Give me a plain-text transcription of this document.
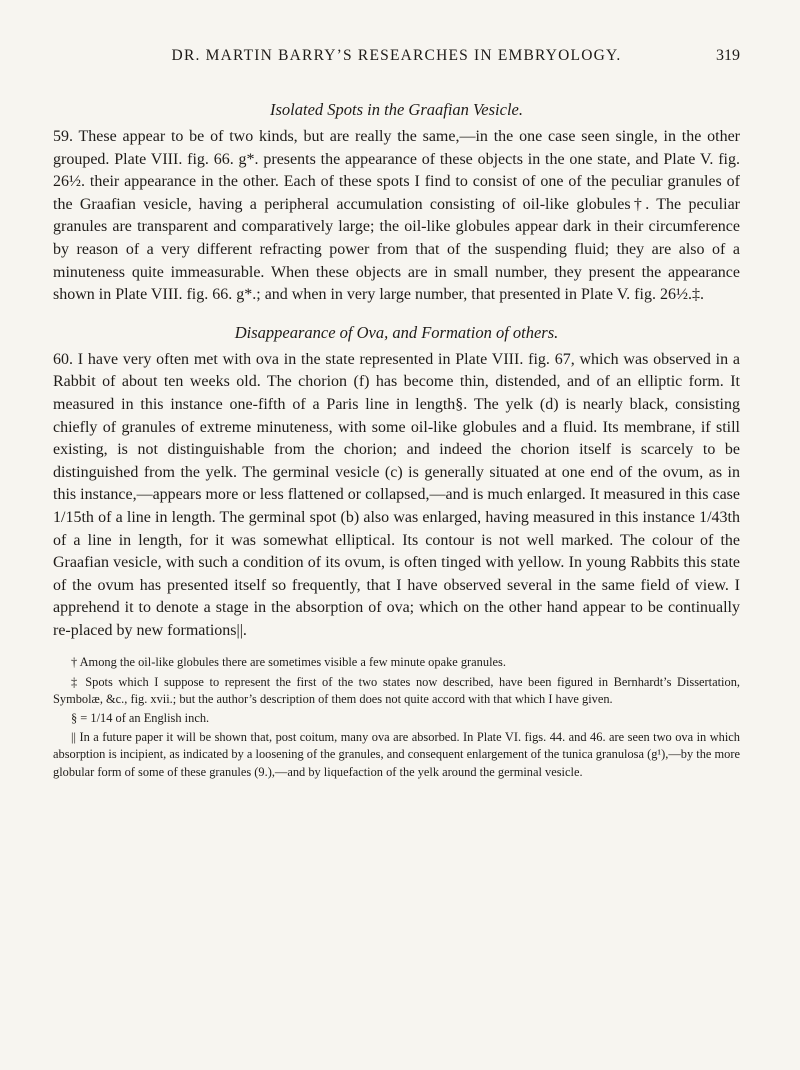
DR. MARTIN BARRY’S RESEARCHES IN EMBRYOLOGY.	319
Isolated Spots in the Graafian Vesicle.

59. These appear to be of two kinds, but are really the same,—in the one case seen single, in the other grouped. Plate VIII. fig. 66. g*. presents the appearance of these objects in the one state, and Plate V. fig. 26½. their appearance in the other. Each of these spots I find to consist of one of the peculiar granules of the Graafian vesicle, having a peripheral accumulation consisting of oil-like globules†. The peculiar granules are transparent and comparatively large; the oil-like globules appear dark in their circumference by reason of a very different refracting power from that of the suspending fluid; they are also of a minuteness quite immeasurable. When these objects are in small number, they present the appearance shown in Plate VIII. fig. 66. g*.; and when in very large number, that presented in Plate V. fig. 26½.‡.

Disappearance of Ova, and Formation of others.

60. I have very often met with ova in the state represented in Plate VIII. fig. 67, which was observed in a Rabbit of about ten weeks old. The chorion (f) has become thin, distended, and of an elliptic form. It measured in this instance one-fifth of a Paris line in length§. The yelk (d) is nearly black, consisting chiefly of granules of extreme minuteness, with some oil-like globules and a fluid. Its membrane, if still existing, is not distinguishable from the chorion; and indeed the chorion itself is scarcely to be distinguished from the yelk. The germinal vesicle (c) is generally situated at one end of the ovum, as in this instance,—appears more or less flattened or collapsed,—and is much enlarged. It measured in this case 1/15th of a line in length. The germinal spot (b) also was enlarged, having measured in this instance 1/43th of a line in length, for it was somewhat elliptical. Its contour is not well marked. The colour of the Graafian vesicle, with such a condition of its ovum, is often tinged with yellow. In young Rabbits this state of the ovum has presented itself so frequently, that I have observed several in the same field of view. I apprehend it to denote a stage in the absorption of ova; which on the other hand appear to be continually re-placed by new formations||.

† Among the oil-like globules there are sometimes visible a few minute opake granules.

‡ Spots which I suppose to represent the first of the two states now described, have been figured in Bernhardt’s Dissertation, Symbolæ, &c., fig. xvii.; but the author’s description of them does not quite accord with that which I have given.

§ = 1/14 of an English inch.

|| In a future paper it will be shown that, post coitum, many ova are absorbed. In Plate VI. figs. 44. and 46. are seen two ova in which absorption is incipient, as indicated by a loosening of the granules, and consequent enlargement of the tunica granulosa (g¹),—by the more globular form of some of these granules (9.),—and by liquefaction of the yelk around the germinal vesicle.
